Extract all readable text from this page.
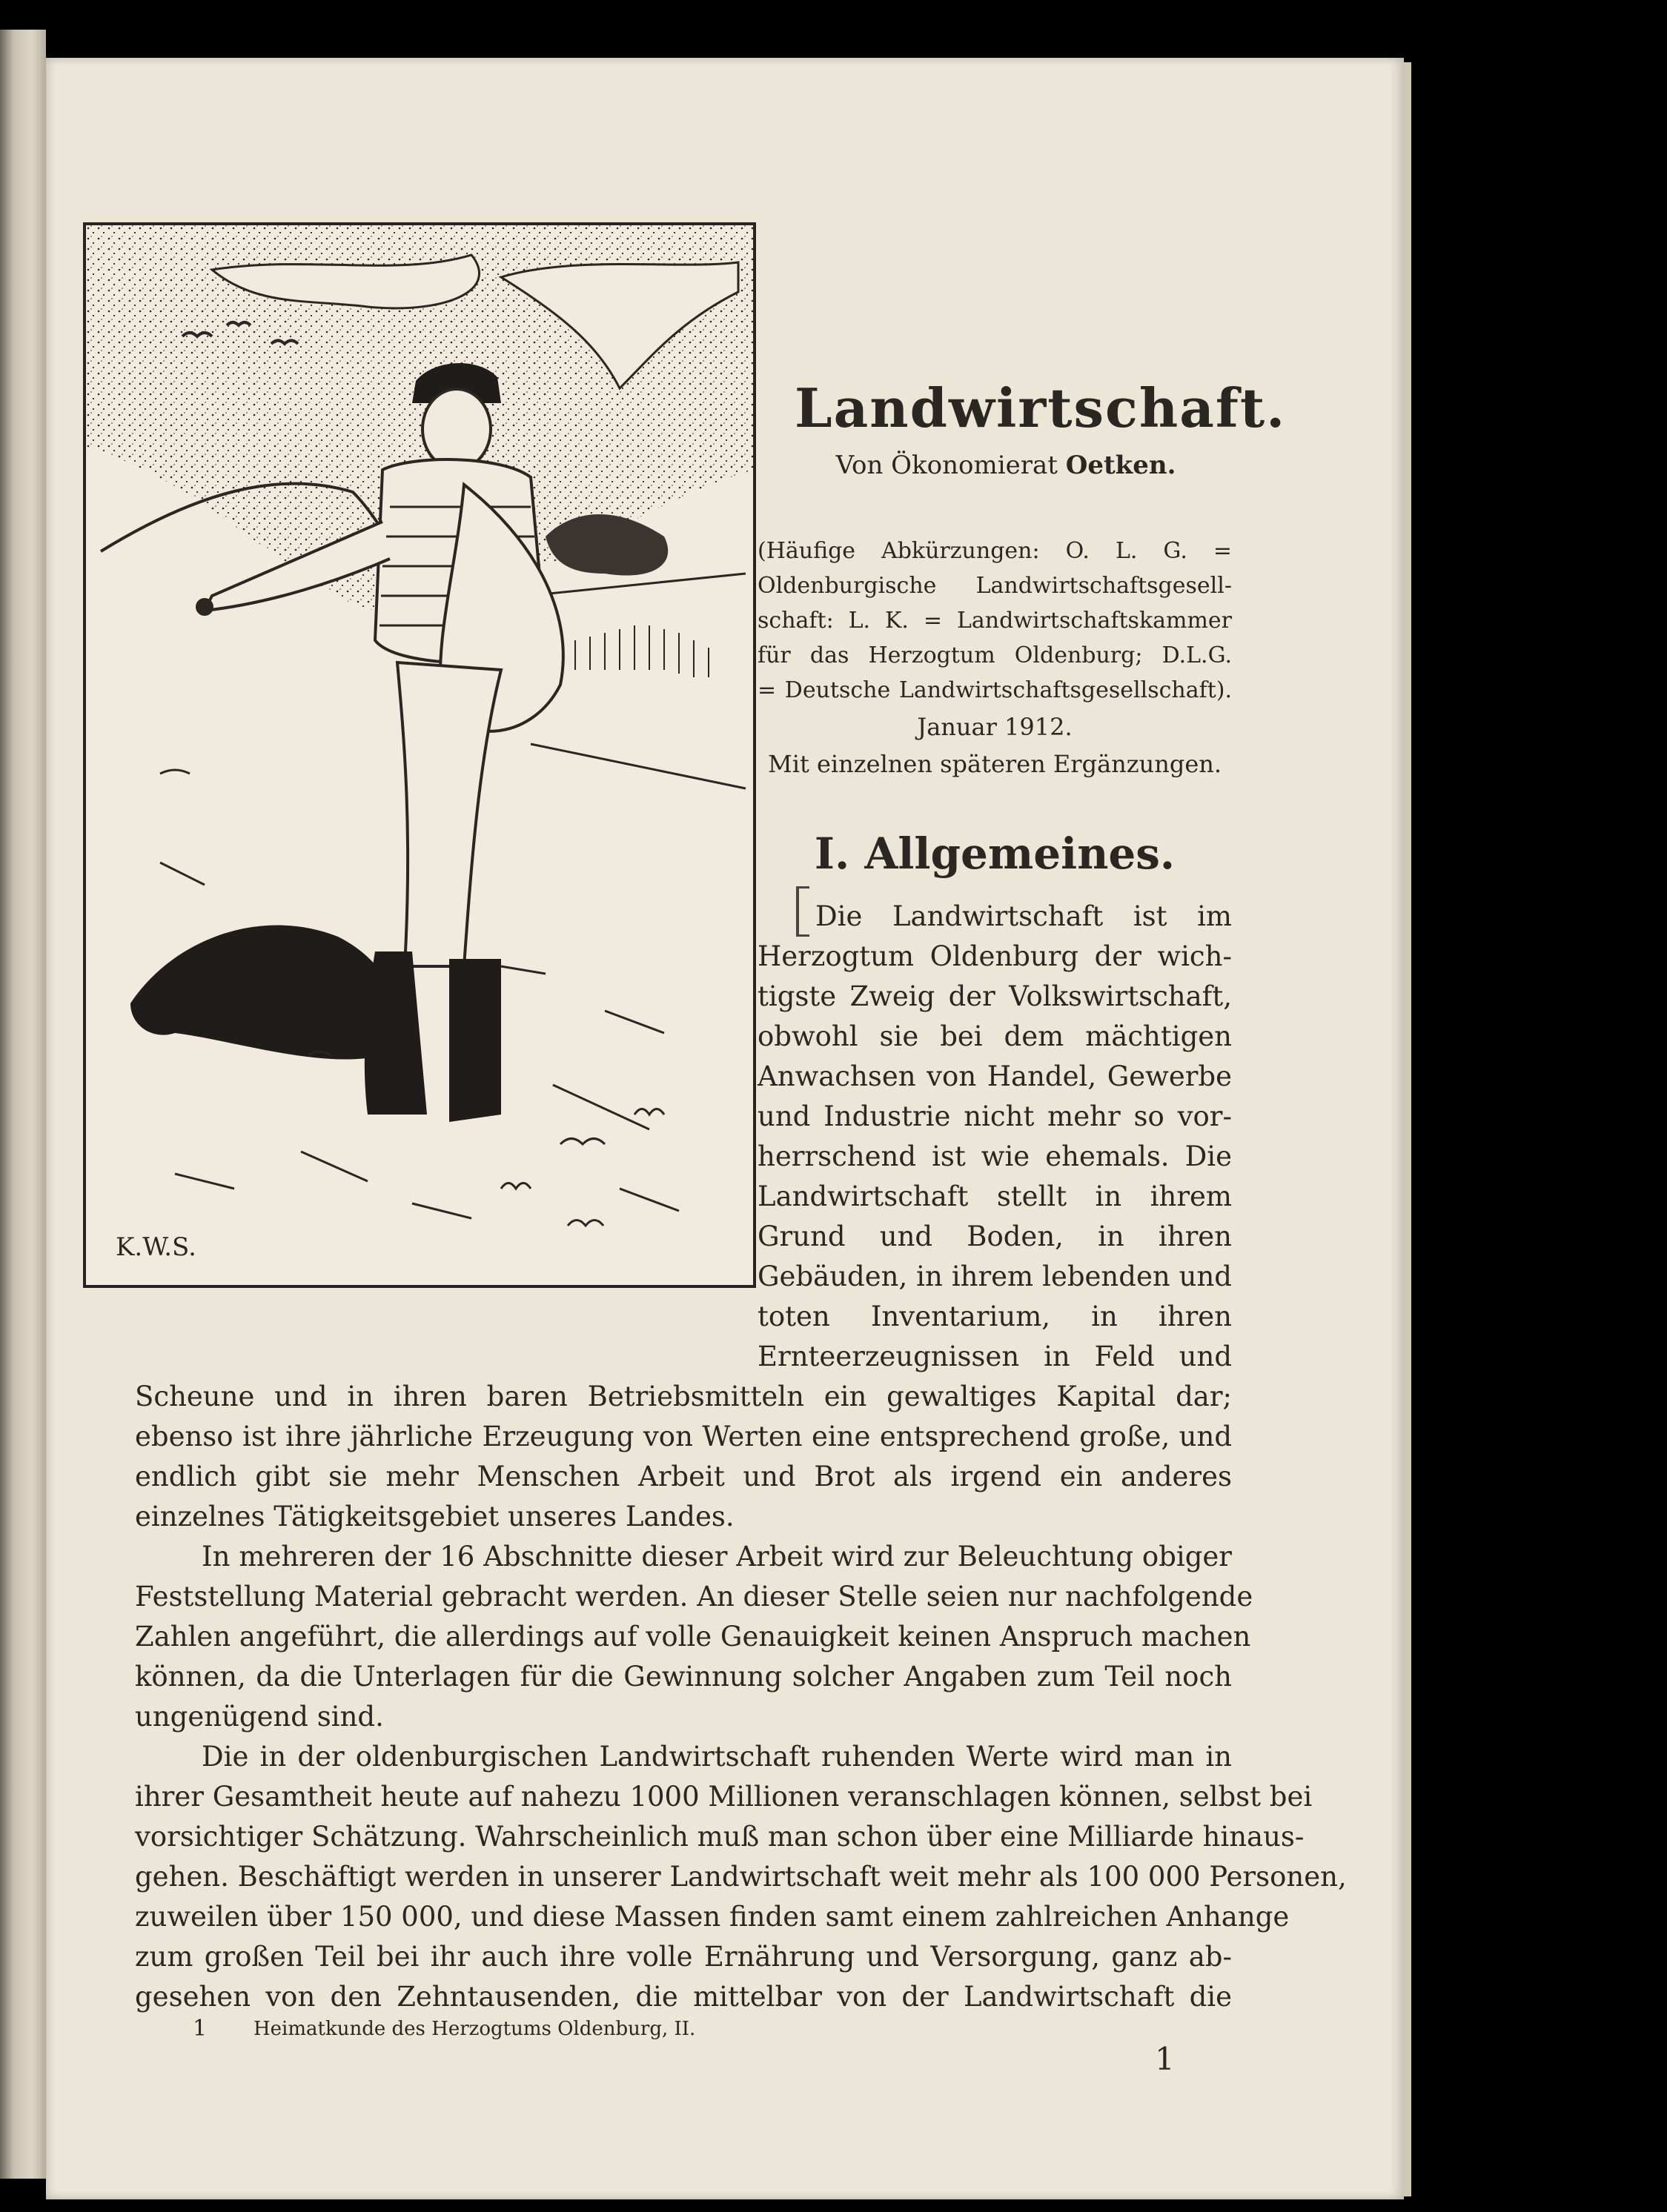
K.W.S.
Landwirtschaft.
Von Ökonomierat Oetken.
(Häufige Abkürzungen: O. L. G. =
Oldenburgische Landwirtschaftsgesell-
schaft: L. K. = Landwirtschaftskammer
für das Herzogtum Oldenburg; D.L.G.
= Deutsche Landwirtschaftsgesellschaft).
Januar 1912.
Mit einzelnen späteren Ergänzungen.
I. Allgemeines.
Die Landwirtschaft ist im
Herzogtum Oldenburg der wich-
tigste Zweig der Volkswirtschaft,
obwohl sie bei dem mächtigen
Anwachsen von Handel, Gewerbe
und Industrie nicht mehr so vor-
herrschend ist wie ehemals. Die
Landwirtschaft stellt in ihrem
Grund und Boden, in ihren
Gebäuden, in ihrem lebenden und
toten Inventarium, in ihren
Ernteerzeugnissen in Feld und
Scheune und in ihren baren Betriebsmitteln ein gewaltiges Kapital dar;
ebenso ist ihre jährliche Erzeugung von Werten eine entsprechend große, und
endlich gibt sie mehr Menschen Arbeit und Brot als irgend ein anderes
einzelnes Tätigkeitsgebiet unseres Landes.
In mehreren der 16 Abschnitte dieser Arbeit wird zur Beleuchtung obiger
Feststellung Material gebracht werden. An dieser Stelle seien nur nachfolgende
Zahlen angeführt, die allerdings auf volle Genauigkeit keinen Anspruch machen
können, da die Unterlagen für die Gewinnung solcher Angaben zum Teil noch
ungenügend sind.
Die in der oldenburgischen Landwirtschaft ruhenden Werte wird man in
ihrer Gesamtheit heute auf nahezu 1000 Millionen veranschlagen können, selbst bei
vorsichtiger Schätzung. Wahrscheinlich muß man schon über eine Milliarde hinaus-
gehen. Beschäftigt werden in unserer Landwirtschaft weit mehr als 100 000 Personen,
zuweilen über 150 000, und diese Massen finden samt einem zahlreichen Anhange
zum großen Teil bei ihr auch ihre volle Ernährung und Versorgung, ganz ab-
gesehen von den Zehntausenden, die mittelbar von der Landwirtschaft die
1 Heimatkunde des Herzogtums Oldenburg, II.
1
